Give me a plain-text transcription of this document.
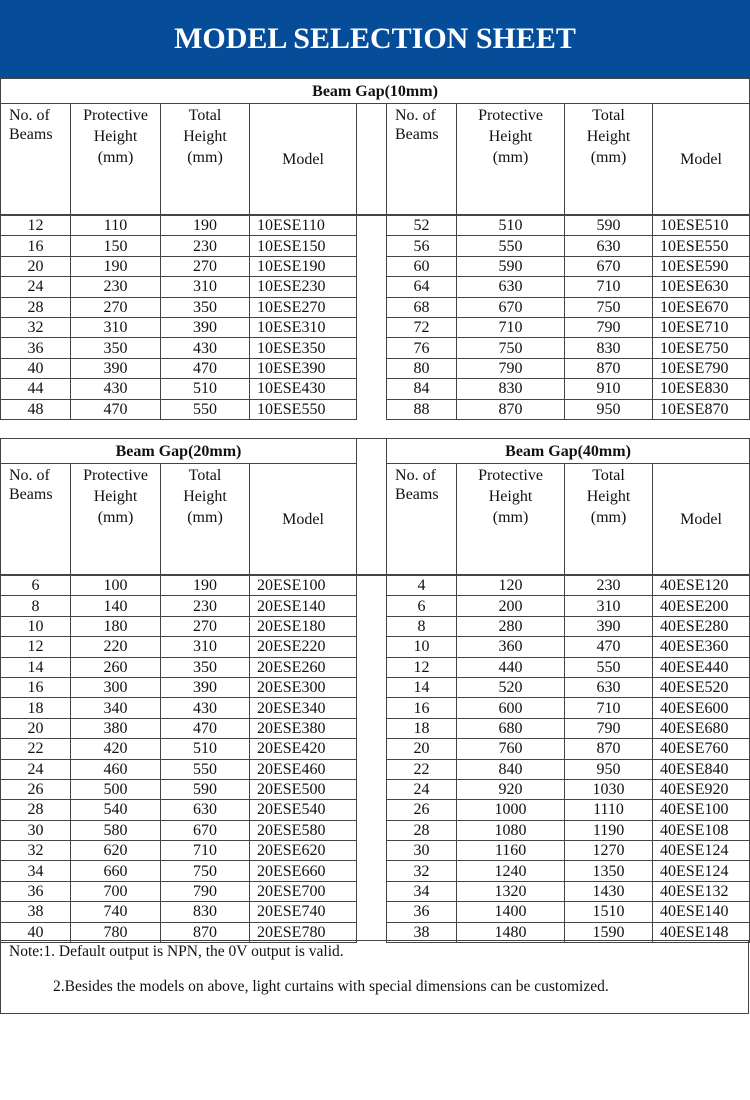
MODEL SELECTION SHEET
Beam Gap(10mm)								

No. of
Beams	Protective
Height
(mm)	Total
Height
(mm)	Model		No. of
Beams	Protective
Height
(mm)	Total
Height
(mm)	Model

12	110	190	10ESE110		52	510	590	10ESE510
16	150	230	10ESE150		56	550	630	10ESE550
20	190	270	10ESE190		60	590	670	10ESE590
24	230	310	10ESE230		64	630	710	10ESE630
28	270	350	10ESE270		68	670	750	10ESE670
32	310	390	10ESE310		72	710	790	10ESE710
36	350	430	10ESE350		76	750	830	10ESE750
40	390	470	10ESE390		80	790	870	10ESE790
44	430	510	10ESE430		84	830	910	10ESE830
48	470	550	10ESE550		88	870	950	10ESE870
Beam Gap(20mm)					Beam Gap(40mm)			

No. of
Beams	Protective
Height
(mm)	Total
Height
(mm)	Model		No. of
Beams	Protective
Height
(mm)	Total
Height
(mm)	Model

6	100	190	20ESE100		4	120	230	40ESE120
8	140	230	20ESE140		6	200	310	40ESE200
10	180	270	20ESE180		8	280	390	40ESE280
12	220	310	20ESE220		10	360	470	40ESE360
14	260	350	20ESE260		12	440	550	40ESE440
16	300	390	20ESE300		14	520	630	40ESE520
18	340	430	20ESE340		16	600	710	40ESE600
20	380	470	20ESE380		18	680	790	40ESE680
22	420	510	20ESE420		20	760	870	40ESE760
24	460	550	20ESE460		22	840	950	40ESE840
26	500	590	20ESE500		24	920	1030	40ESE920
28	540	630	20ESE540		26	1000	1110	40ESE100
30	580	670	20ESE580		28	1080	1190	40ESE108
32	620	710	20ESE620		30	1160	1270	40ESE124
34	660	750	20ESE660		32	1240	1350	40ESE124
36	700	790	20ESE700		34	1320	1430	40ESE132
38	740	830	20ESE740		36	1400	1510	40ESE140
40	780	870	20ESE780		38	1480	1590	40ESE148
Note:1. Default output is NPN, the 0V output is valid.
2.Besides the models on above, light curtains with special dimensions can be customized.
